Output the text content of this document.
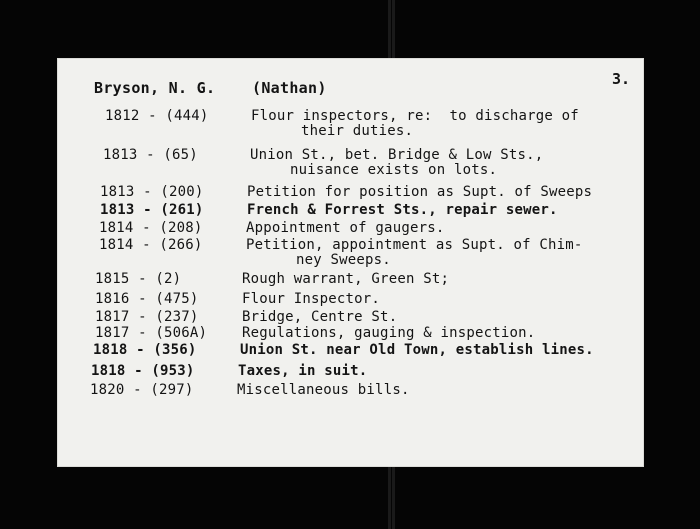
Bryson, N. G. (Nathan)	3.
1812 - (444)	Flour inspectors, re:  to discharge of
their duties.
1813 - (65)	Union St., bet. Bridge & Low Sts.,
nuisance exists on lots.
1813 - (200)	Petition for position as Supt. of Sweeps
1813 - (261)	French & Forrest Sts., repair sewer.
1814 - (208)	Appointment of gaugers.
1814 - (266)	Petition, appointment as Supt. of Chim-
ney Sweeps.
1815 - (2)	Rough warrant, Green St;
1816 - (475)	Flour Inspector.
1817 - (237)	Bridge, Centre St.
1817 - (506A)	Regulations, gauging & inspection.
1818 - (356)	Union St. near Old Town, establish lines.
1818 - (953)	Taxes, in suit.
1820 - (297)	Miscellaneous bills.
